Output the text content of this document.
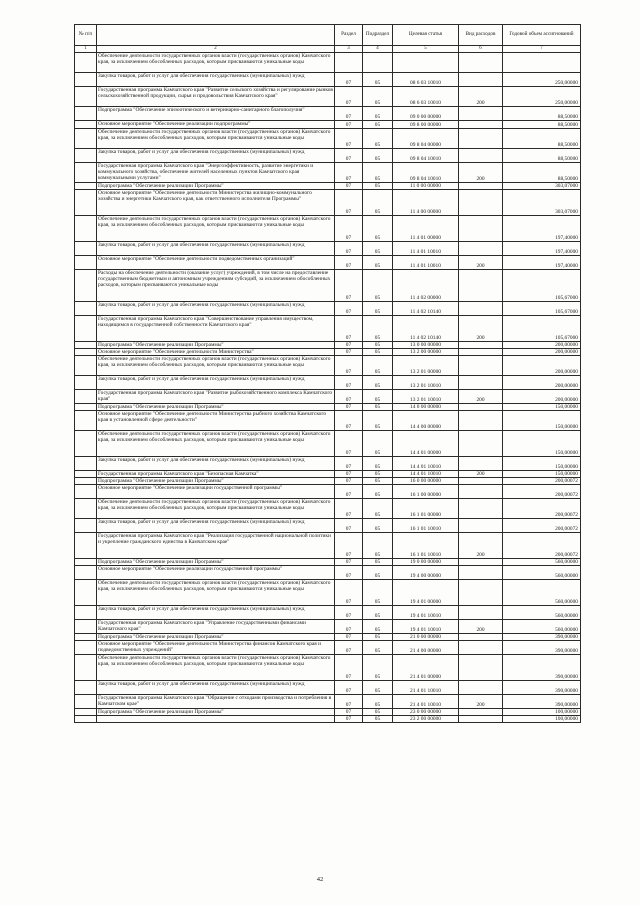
№ п/п		Раздел	Подраздел	Целевая статья	Вид расходов	Годовой объем ассигнований
1	2	3	4	5	6	7
	Обеспечение деятельности государственных органов власти (государственных органов) Камчатского края, за исключением обособленных расходов, которым присваиваются уникальные коды					
	Закупка товаров, работ и услуг для обеспечения государственных (муниципальных) нужд	07	05	08 6 03 10010		250,00000
	Государственная программа Камчатского края "Развитие сельского хозяйства и регулирование рынков сельскохозяйственной продукции, сырья и продовольствия Камчатского края"	07	05	08 6 03 10010	200	250,00000
	Подпрограмма "Обеспечение эпизоотического и ветеринарно-санитарного благополучия"	07	05	09 0 00 00000		88,50000
	Основное мероприятие "Обеспечение реализации подпрограммы"	07	05	09 8 00 00000		88,50000
	Обеспечение деятельности государственных органов власти (государственных органов) Камчатского края, за исключением обособленных расходов, которым присваиваются уникальные коды	07	05	09 8 04 00000		88,50000
	Закупка товаров, работ и услуг для обеспечения государственных (муниципальных) нужд	07	05	09 8 04 10010		88,50000
	Государственная программа Камчатского края "Энергоэффективность, развитие энергетики и коммунального хозяйства, обеспечение жителей населенных пунктов Камчатского края коммунальными услугами"	07	05	09 8 04 10010	200	88,50000
	Подпрограмма "Обеспечение реализации Программы"	07	05	11 0 00 00000		303,07000
	Основное мероприятие "Обеспечение деятельности Министерства жилищно-коммунального хозяйства и энергетики Камчатского края, как ответственного исполнителя Программы"	07	05	11 4 00 00000		303,07000
	Обеспечение деятельности государственных органов власти (государственных органов) Камчатского края, за исключением обособленных расходов, которым присваиваются уникальные коды	07	05	11 4 01 00000		197,40000
	Закупка товаров, работ и услуг для обеспечения государственных (муниципальных) нужд	07	05	11 4 01 10010		197,40000
	Основное мероприятие "Обеспечение деятельности подведомственных организаций"	07	05	11 4 01 10010	200	197,40000
	Расходы на обеспечение деятельности (оказание услуг) учреждений, в том числе на предоставление государственным бюджетным и автономным учреждениям субсидий, за исключением обособленных расходов, которым присваиваются уникальные коды	07	05	11 4 02 00000		105,67000
	Закупка товаров, работ и услуг для обеспечения государственных (муниципальных) нужд	07	05	11 4 02 10140		105,67000
	Государственная программа Камчатского края "Совершенствование управления имуществом, находящимся в государственной собственности Камчатского края"	07	05	11 4 02 10140	200	105,67000
	Подпрограмма "Обеспечение реализации Программы"	07	05	13 0 00 00000		200,00000
	Основное мероприятие "Обеспечение деятельности Министерства"	07	05	13 2 00 00000		200,00000
	Обеспечение деятельности государственных органов власти (государственных органов) Камчатского края, за исключением обособленных расходов, которым присваиваются уникальные коды	07	05	13 2 01 00000		200,00000
	Закупка товаров, работ и услуг для обеспечения государственных (муниципальных) нужд	07	05	13 2 01 10010		200,00000
	Государственная программа Камчатского края "Развитие рыбохозяйственного комплекса Камчатского края"	07	05	13 2 01 10010	200	200,00000
	Подпрограмма "Обеспечение реализации Программы"	07	05	14 0 00 00000		150,00000
	Основное мероприятие "Обеспечение деятельности Министерства рыбного хозяйства Камчатского края в установленной сфере деятельности"	07	05	14 4 00 00000		150,00000
	Обеспечение деятельности государственных органов власти (государственных органов) Камчатского края, за исключением обособленных расходов, которым присваиваются уникальные коды	07	05	14 4 01 00000		150,00000
	Закупка товаров, работ и услуг для обеспечения государственных (муниципальных) нужд	07	05	14 4 01 10010		150,00000
	Государственная программа Камчатского края "Безопасная Камчатка"	07	05	14 4 01 10010	200	150,00000
	Подпрограмма "Обеспечение реализации Программы"	07	05	16 0 00 00000		200,00072
	Основное мероприятие "Обеспечение реализации государственной программы"	07	05	16 1 00 00000		200,00072
	Обеспечение деятельности государственных органов власти (государственных органов) Камчатского края, за исключением обособленных расходов, которым присваиваются уникальные коды	07	05	16 1 01 00000		200,00072
	Закупка товаров, работ и услуг для обеспечения государственных (муниципальных) нужд	07	05	16 1 01 10010		200,00072
	Государственная программа Камчатского края "Реализация государственной национальной политики и укрепление гражданского единства в Камчатском крае"	07	05	16 1 01 10010	200	200,00072
	Подпрограмма "Обеспечение реализации Программы"	07	05	19 0 00 00000		560,00000
	Основное мероприятие "Обеспечение реализации государственной программы"	07	05	19 4 00 00000		560,00000
	Обеспечение деятельности государственных органов власти (государственных органов) Камчатского края, за исключением обособленных расходов, которым присваиваются уникальные коды	07	05	19 4 01 00000		560,00000
	Закупка товаров, работ и услуг для обеспечения государственных (муниципальных) нужд	07	05	19 4 01 10010		560,00000
	Государственная программа Камчатского края "Управление государственными финансами Камчатского края"	07	05	19 4 01 10010	200	560,00000
	Подпрограмма "Обеспечение реализации Программы"	07	05	21 0 00 00000		390,00000
	Основное мероприятие "Обеспечение деятельности Министерства финансов Камчатского края и подведомственных учреждений"	07	05	21 4 00 00000		390,00000
	Обеспечение деятельности государственных органов власти (государственных органов) Камчатского края, за исключением обособленных расходов, которым присваиваются уникальные коды	07	05	21 4 01 00000		390,00000
	Закупка товаров, работ и услуг для обеспечения государственных (муниципальных) нужд	07	05	21 4 01 10010		390,00000
	Государственная программа Камчатского края "Обращение с отходами производства и потребления в Камчатском крае"	07	05	21 4 01 10010	200	390,00000
	Подпрограмма "Обеспечение реализации Программы"	07	05	23 0 00 00000		100,00000
		07	05	23 2 00 00000		100,00000
42
